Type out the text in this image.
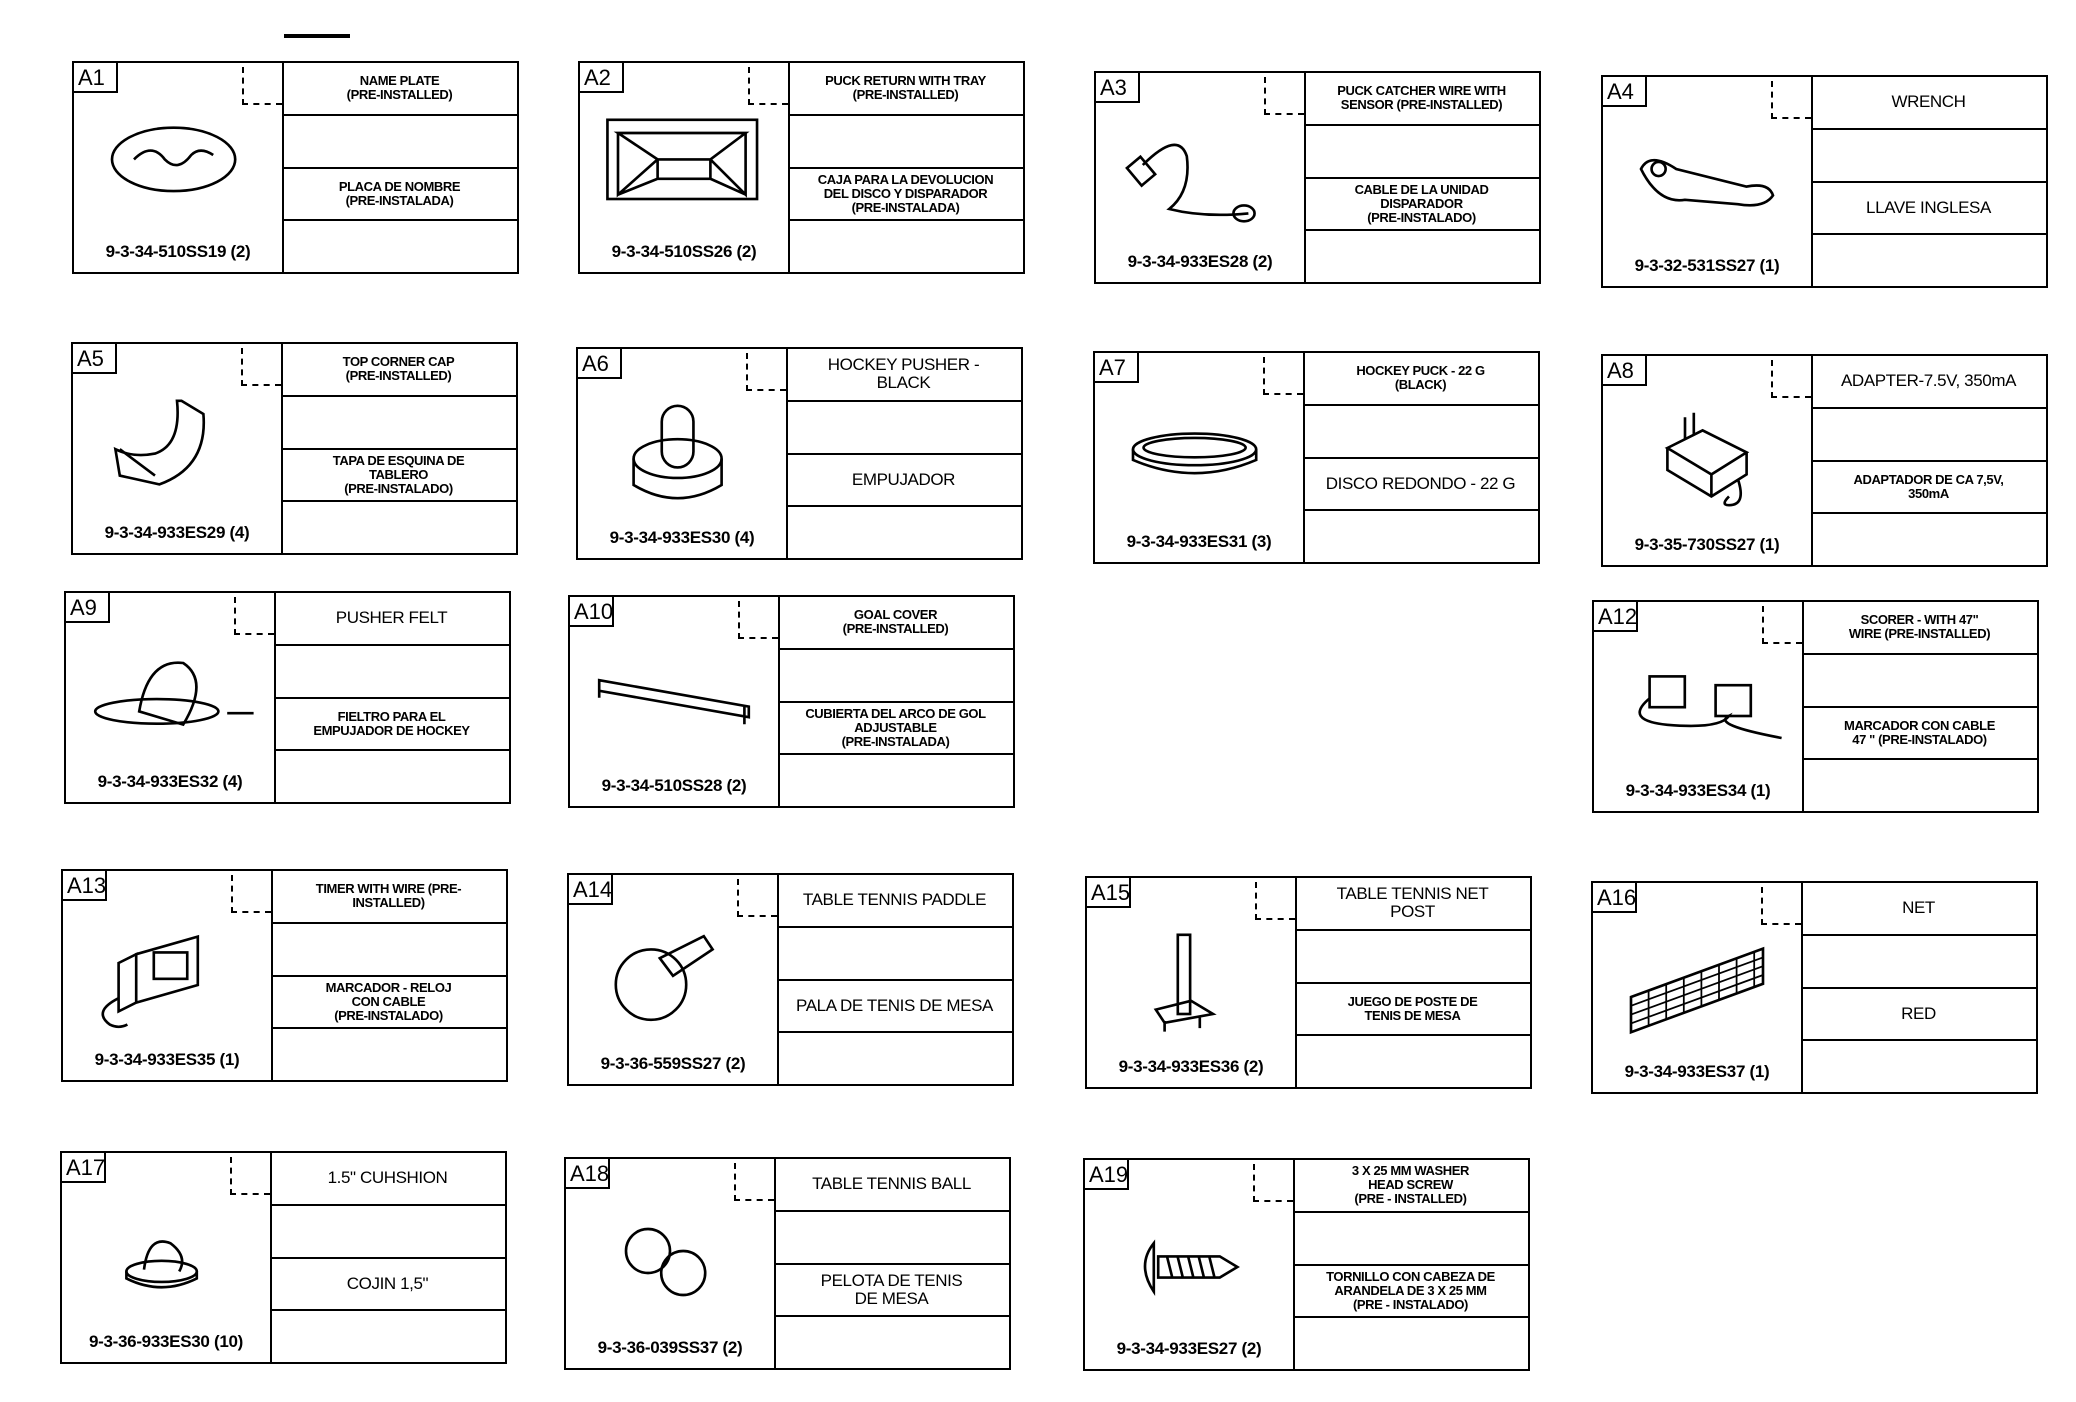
A1
9-3-34-510SS19 (2)
NAME PLATE
(PRE-INSTALLED)
PLACA DE NOMBRE
(PRE-INSTALADA)
A2
9-3-34-510SS26 (2)
PUCK RETURN WITH TRAY
(PRE-INSTALLED)
CAJA PARA LA DEVOLUCION
DEL DISCO Y DISPARADOR
(PRE-INSTALADA)
A3
9-3-34-933ES28 (2)
PUCK CATCHER WIRE WITH
SENSOR (PRE-INSTALLED)
CABLE DE LA UNIDAD
DISPARADOR
(PRE-INSTALADO)
A4
9-3-32-531SS27 (1)
WRENCH
LLAVE INGLESA
A5
9-3-34-933ES29 (4)
TOP CORNER CAP
(PRE-INSTALLED)
TAPA DE ESQUINA DE
TABLERO
(PRE-INSTALADO)
A6
9-3-34-933ES30 (4)
HOCKEY PUSHER -
BLACK
EMPUJADOR
A7
9-3-34-933ES31 (3)
HOCKEY PUCK - 22 G
(BLACK)
DISCO REDONDO - 22 G
A8
9-3-35-730SS27 (1)
ADAPTER-7.5V, 350mA
ADAPTADOR DE CA 7,5V,
350mA
A9
9-3-34-933ES32 (4)
PUSHER FELT
FIELTRO PARA EL
EMPUJADOR DE HOCKEY
A10
9-3-34-510SS28 (2)
GOAL COVER
(PRE-INSTALLED)
CUBIERTA DEL ARCO DE GOL
ADJUSTABLE
(PRE-INSTALADA)
A12
9-3-34-933ES34 (1)
SCORER - WITH 47"
WIRE (PRE-INSTALLED)
MARCADOR CON CABLE
47 " (PRE-INSTALADO)
A13
9-3-34-933ES35 (1)
TIMER WITH WIRE (PRE-
INSTALLED)
MARCADOR - RELOJ
CON CABLE
(PRE-INSTALADO)
A14
9-3-36-559SS27 (2)
TABLE TENNIS PADDLE
PALA DE TENIS DE MESA
A15
9-3-34-933ES36 (2)
TABLE TENNIS NET
POST
JUEGO DE POSTE DE
TENIS DE MESA
A16
9-3-34-933ES37 (1)
NET
RED
A17
9-3-36-933ES30 (10)
1.5" CUHSHION
COJIN 1,5"
A18
9-3-36-039SS37 (2)
TABLE TENNIS BALL
PELOTA DE TENIS
DE MESA
A19
9-3-34-933ES27 (2)
3 X 25 MM WASHER
HEAD SCREW
(PRE - INSTALLED)
TORNILLO CON CABEZA DE
ARANDELA DE 3 X 25 MM
(PRE - INSTALADO)
